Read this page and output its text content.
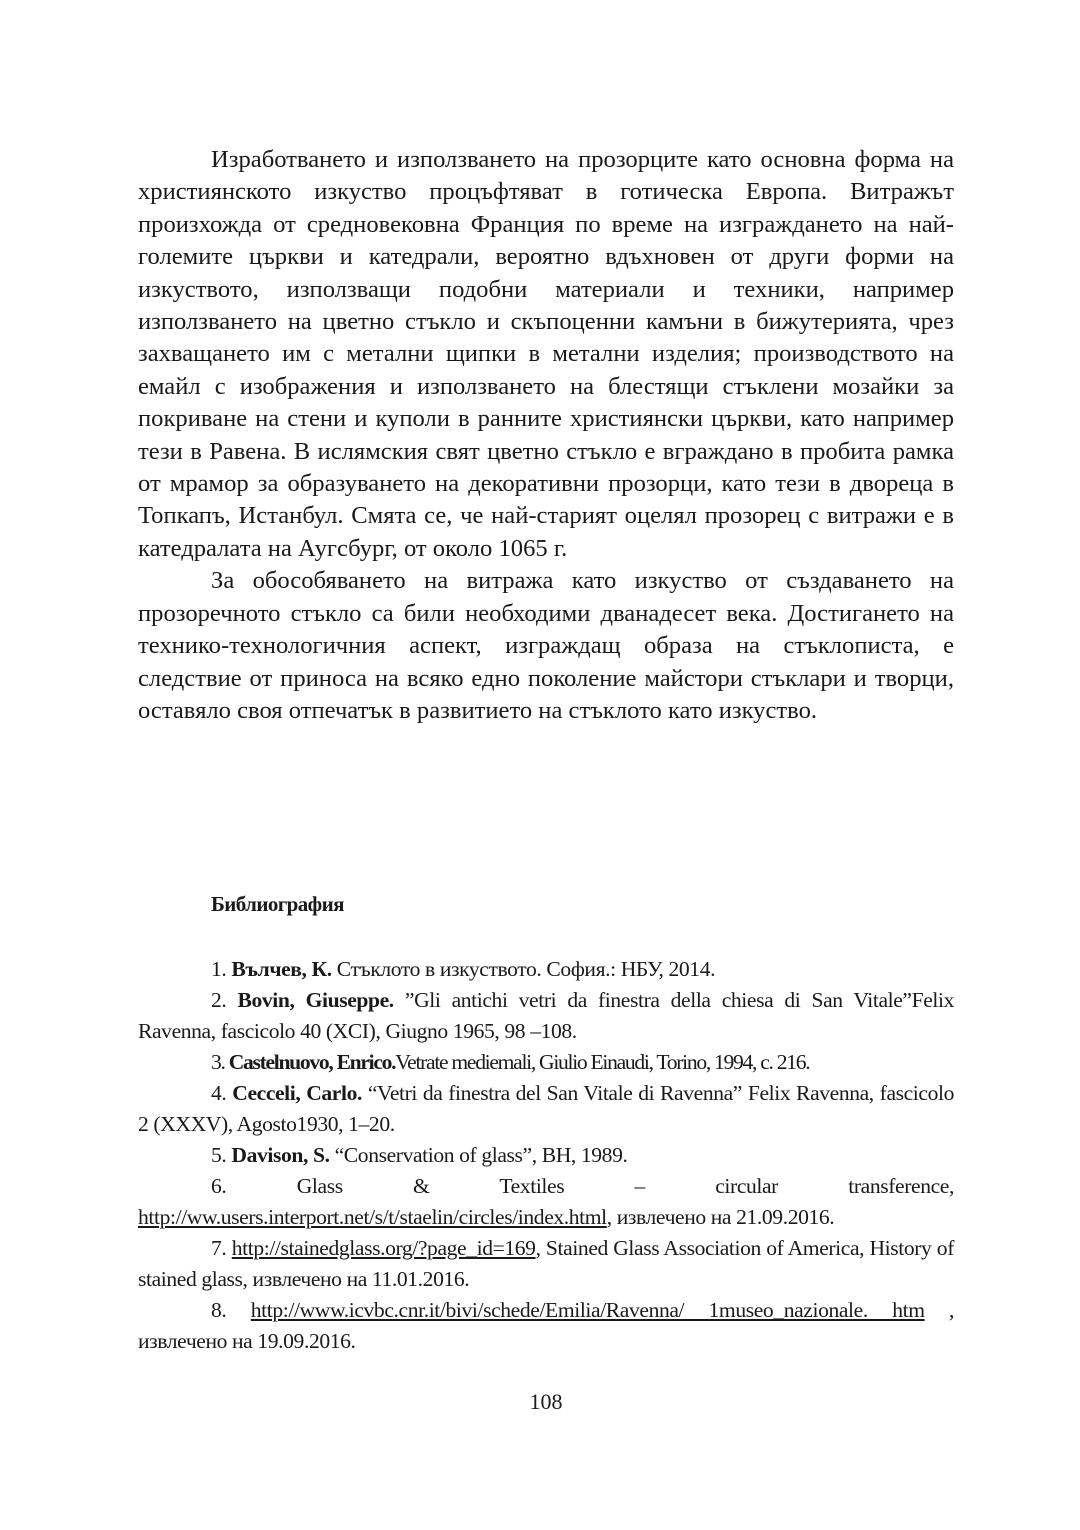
Изработването и използването на прозорците като основна форма на християнското изкуство процъфтяват в готическа Европа. Витражът произхожда от средновековна Франция по време на изграждането на най-големите църкви и катедрали, вероятно вдъхновен от други форми на изкуството, използващи подобни материали и техники, например използването на цветно стъкло и скъпоценни камъни в бижутерията, чрез захващането им с метални щипки в метални изделия; производството на емайл с изображения и използването на блестящи стъклени мозайки за покриване на стени и куполи в ранните християнски църкви, като например тези в Равена. В ислямския свят цветно стъкло е вграждано в пробита рамка от мрамор за образуването на декоративни прозорци, като тези в двореца в Топкапъ, Истанбул. Смята се, че най-старият оцелял прозорец с витражи е в катедралата на Аугсбург, от около 1065 г.

За обособяването на витража като изкуство от създаването на прозоречното стъкло са били необходими дванадесет века. Достигането на технико-технологичния аспект, изграждащ образа на стъклописта, е следствие от приноса на всяко едно поколение майстори стъклари и творци, оставяло своя отпечатък в развитието на стъклото като изкуство.

Библиография
1. Вълчев, К. Стъклото в изкуството. София.: НБУ, 2014.
2. Bovin, Giuseppe. ”Gli antichi vetri da finestra della chiesa di San Vitale”Felix Ravenna, fascicolo 40 (XCI), Giugno 1965, 98 –108.
3. Castelnuovo, Enrico.Vetrate mediemali, Giulio Einaudi, Torino, 1994, с. 216.
4. Cecceli, Carlo. “Vetri da finestra del San Vitale di Ravenna” Felix Ravenna, fascicolo 2 (XXXV), Agosto1930, 1–20.
5. Davison, S. “Conservation of glass”, BH, 1989.
6. Glass & Textiles – circular transference, http://ww.users.interport.net/s/t/staelin/circles/index.html, извлечено на 21.09.2016.
7. http://stainedglass.org/?page_id=169, Stained Glass Association of America, History of stained glass, извлечено на 11.01.2016.
8. http://www.icvbc.cnr.it/bivi/schede/Emilia/Ravenna/ 1museo_nazionale. htm , извлечено на 19.09.2016.

108
